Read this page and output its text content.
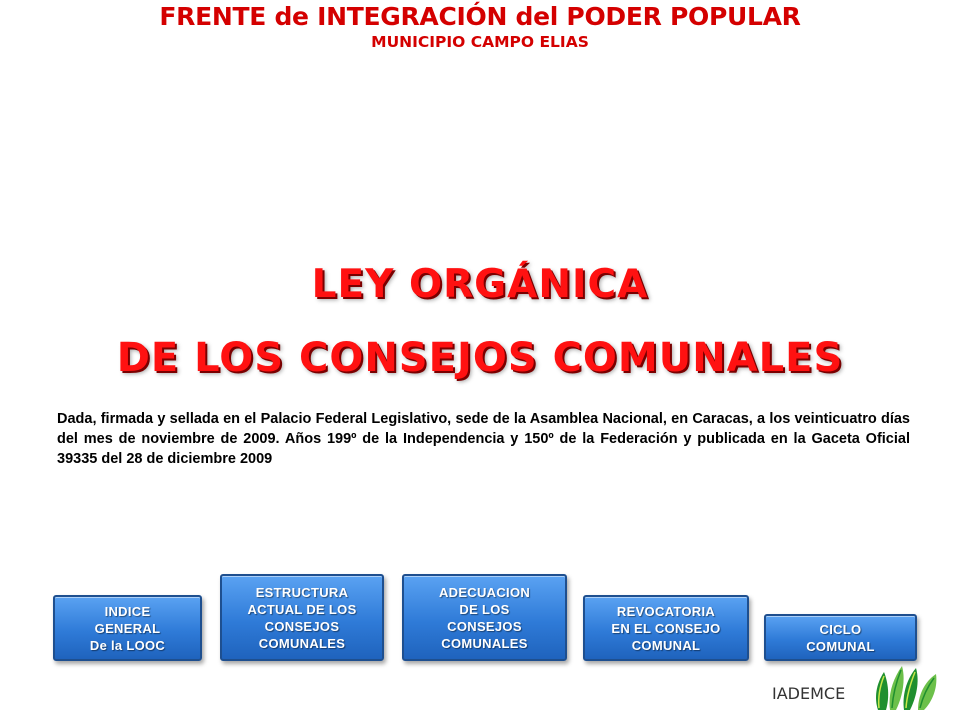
FRENTE de INTEGRACIÓN del PODER POPULAR
MUNICIPIO CAMPO ELIAS
LEY ORGÁNICA
DE LOS CONSEJOS COMUNALES
Dada, firmada y sellada en el Palacio Federal Legislativo, sede de la Asamblea Nacional, en Caracas, a los veinticuatro días del mes de noviembre de 2009. Años 199º de la Independencia y 150º de la Federación y publicada en la Gaceta Oficial 39335 del 28 de diciembre 2009
INDICE
GENERAL
De la LOOC
ESTRUCTURA
ACTUAL DE LOS
CONSEJOS
COMUNALES
ADECUACION
DE LOS
CONSEJOS
COMUNALES
REVOCATORIA
EN EL CONSEJO
COMUNAL
CICLO
COMUNAL
IADEMCE
